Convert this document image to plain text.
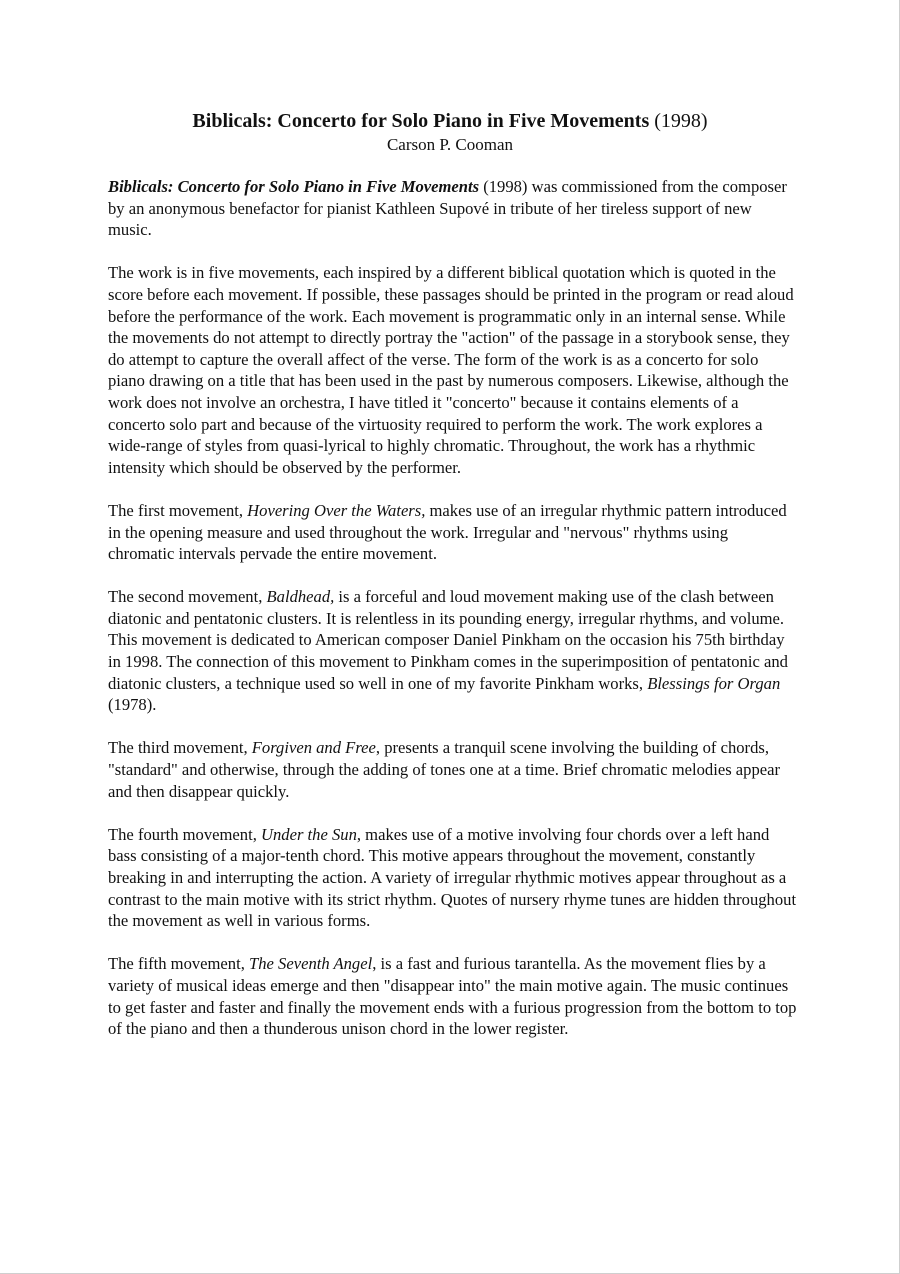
Biblicals: Concerto for Solo Piano in Five Movements (1998)

Carson P. Cooman

Biblicals: Concerto for Solo Piano in Five Movements (1998) was commissioned from the composer by an anonymous benefactor for pianist Kathleen Supové in tribute of her tireless support of new music.

The work is in five movements, each inspired by a different biblical quotation which is quoted in the score before each movement. If possible, these passages should be printed in the program or read aloud before the performance of the work. Each movement is programmatic only in an internal sense. While the movements do not attempt to directly portray the "action" of the passage in a storybook sense, they do attempt to capture the overall affect of the verse. The form of the work is as a concerto for solo piano drawing on a title that has been used in the past by numerous composers. Likewise, although the work does not involve an orchestra, I have titled it "concerto" because it contains elements of a concerto solo part and because of the virtuosity required to perform the work. The work explores a wide-range of styles from quasi-lyrical to highly chromatic. Throughout, the work has a rhythmic intensity which should be observed by the performer.

The first movement, Hovering Over the Waters, makes use of an irregular rhythmic pattern introduced in the opening measure and used throughout the work. Irregular and "nervous" rhythms using chromatic intervals pervade the entire movement.

The second movement, Baldhead, is a forceful and loud movement making use of the clash between diatonic and pentatonic clusters. It is relentless in its pounding energy, irregular rhythms, and volume. This movement is dedicated to American composer Daniel Pinkham on the occasion his 75th birthday in 1998. The connection of this movement to Pinkham comes in the superimposition of pentatonic and diatonic clusters, a technique used so well in one of my favorite Pinkham works, Blessings for Organ (1978).

The third movement, Forgiven and Free, presents a tranquil scene involving the building of chords, "standard" and otherwise, through the adding of tones one at a time. Brief chromatic melodies appear and then disappear quickly.

The fourth movement, Under the Sun, makes use of a motive involving four chords over a left hand bass consisting of a major-tenth chord. This motive appears throughout the movement, constantly breaking in and interrupting the action. A variety of irregular rhythmic motives appear throughout as a contrast to the main motive with its strict rhythm. Quotes of nursery rhyme tunes are hidden throughout the movement as well in various forms.

The fifth movement, The Seventh Angel, is a fast and furious tarantella. As the movement flies by a variety of musical ideas emerge and then "disappear into" the main motive again. The music continues to get faster and faster and finally the movement ends with a furious progression from the bottom to top of the piano and then a thunderous unison chord in the lower register.
